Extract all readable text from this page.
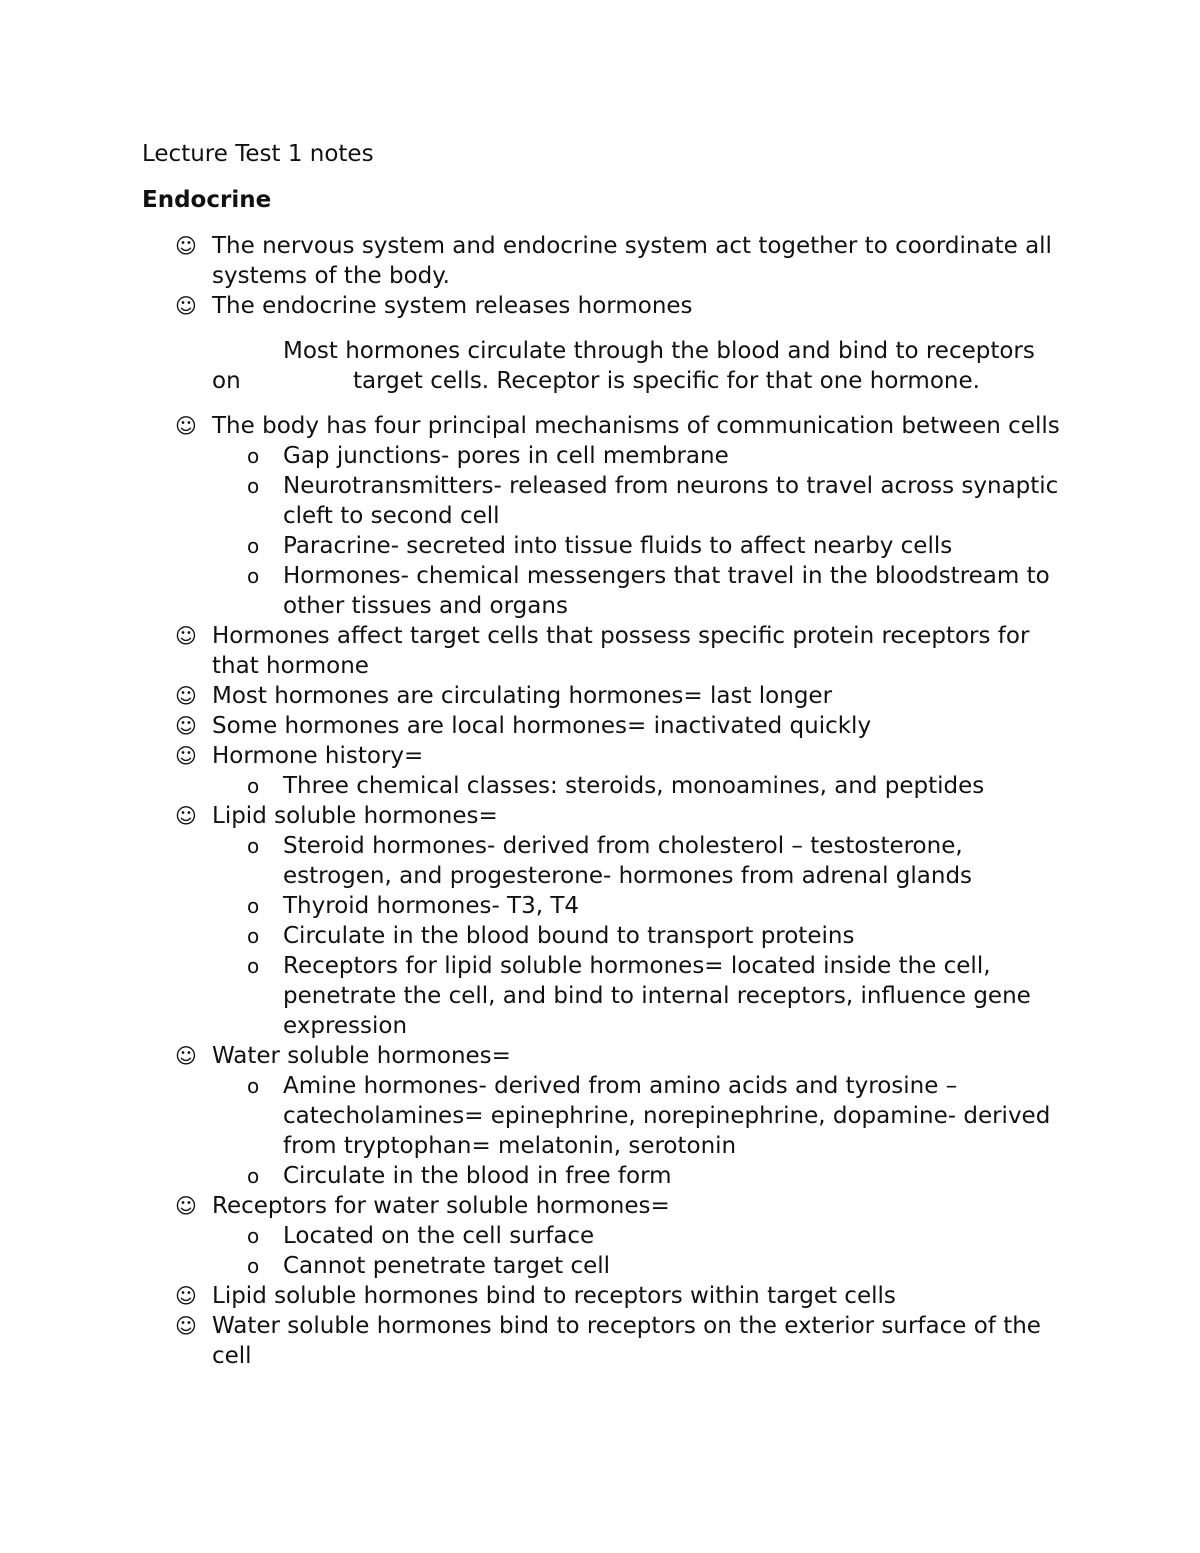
Lecture Test 1 notes
Endocrine
☺ The nervous system and endocrine system act together to coordinate all systems of the body.
☺ The endocrine system releases hormones
Most hormones circulate through the blood and bind to receptors
on	target cells. Receptor is specific for that one hormone.
☺ The body has four principal mechanisms of communication between cells
o Gap junctions- pores in cell membrane
o Neurotransmitters- released from neurons to travel across synaptic cleft to second cell
o Paracrine- secreted into tissue fluids to affect nearby cells
o Hormones- chemical messengers that travel in the bloodstream to other tissues and organs
☺ Hormones affect target cells that possess specific protein receptors for that hormone
☺ Most hormones are circulating hormones= last longer
☺ Some hormones are local hormones= inactivated quickly
☺ Hormone history=
o Three chemical classes: steroids, monoamines, and peptides
☺ Lipid soluble hormones=
o Steroid hormones- derived from cholesterol – testosterone, estrogen, and progesterone- hormones from adrenal glands
o Thyroid hormones- T3, T4
o Circulate in the blood bound to transport proteins
o Receptors for lipid soluble hormones= located inside the cell, penetrate the cell, and bind to internal receptors, influence gene expression
☺ Water soluble hormones=
o Amine hormones- derived from amino acids and tyrosine – catecholamines= epinephrine, norepinephrine, dopamine- derived from tryptophan= melatonin, serotonin
o Circulate in the blood in free form
☺ Receptors for water soluble hormones=
o Located on the cell surface
o Cannot penetrate target cell
☺ Lipid soluble hormones bind to receptors within target cells
☺ Water soluble hormones bind to receptors on the exterior surface of the cell
